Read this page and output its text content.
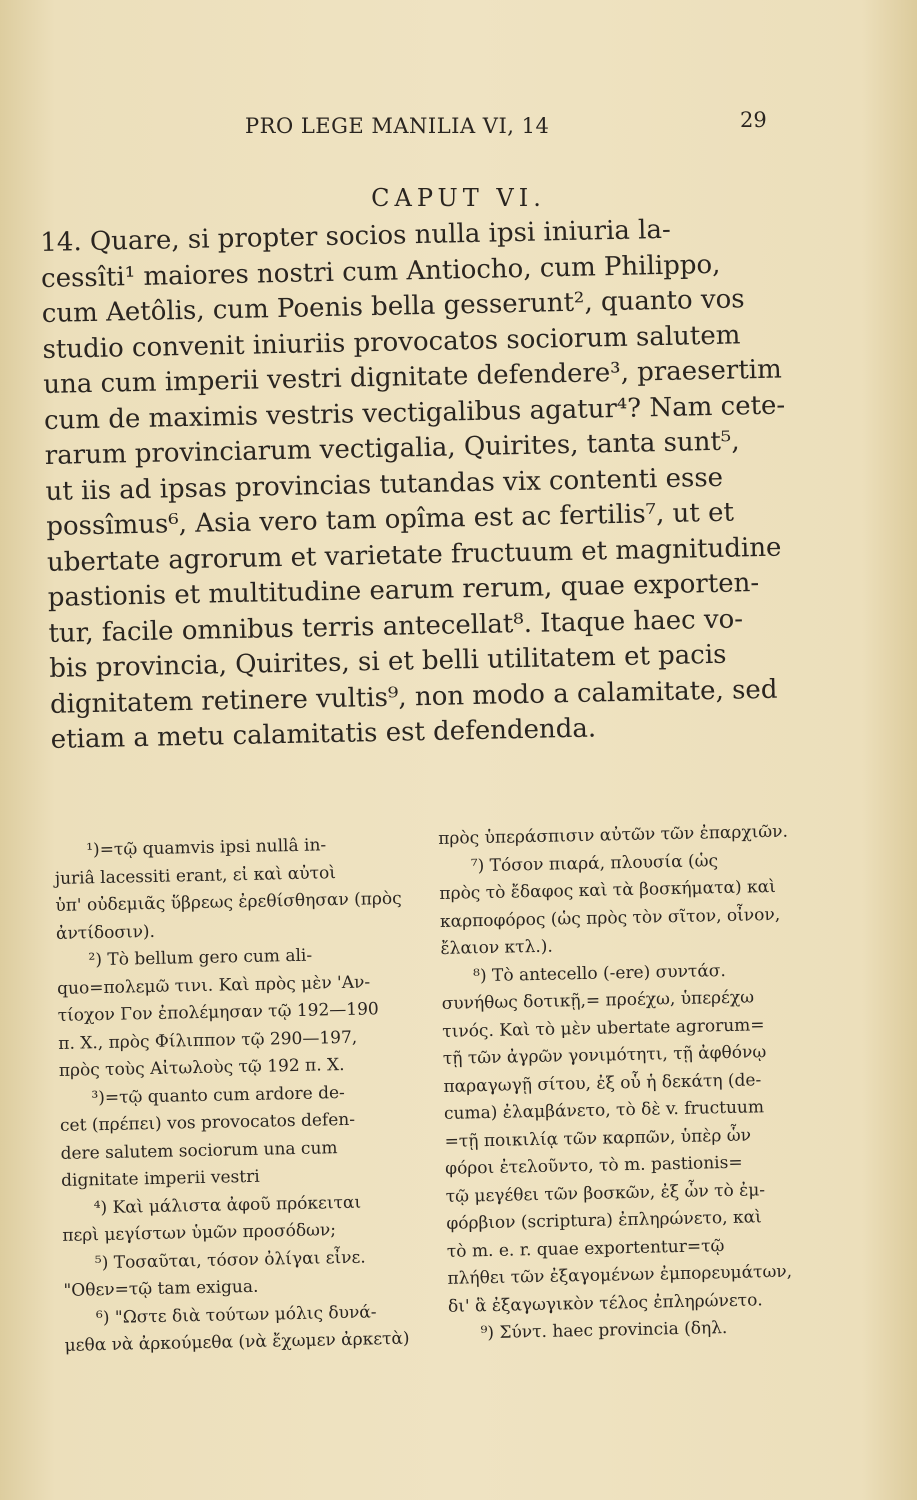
PRO LEGE MANILIA VI, 14	29
CAPUT VI.
14. Quare, si propter socios nulla ipsi iniuria la-
cessîti¹ maiores nostri cum Antiocho, cum Philippo,
cum Aetôlis, cum Poenis bella gesserunt², quanto vos
studio convenit iniuriis provocatos sociorum salutem
una cum imperii vestri dignitate defendere³, praesertim
cum de maximis vestris vectigalibus agatur⁴? Nam cete-
rarum provinciarum vectigalia, Quirites, tanta sunt⁵,
ut iis ad ipsas provincias tutandas vix contenti esse
possîmus⁶, Asia vero tam opîma est ac fertilis⁷, ut et
ubertate agrorum et varietate fructuum et magnitudine
pastionis et multitudine earum rerum, quae exporten-
tur, facile omnibus terris antecellat⁸. Itaque haec vo-
bis provincia, Quirites, si et belli utilitatem et pacis
dignitatem retinere vultis⁹, non modo a calamitate, sed
etiam a metu calamitatis est defendenda.
¹)=τῷ quamvis ipsi nullâ in-
juriâ lacessiti erant, εἰ καὶ αὐτοὶ
ὑπ' οὐδεμιᾶς ὕβρεως ἐρεθίσθησαν (πρὸς
ἀντίδοσιν).
²) Τὸ bellum gero cum ali-
quo=πολεμῶ τινι. Καὶ πρὸς μὲν 'Αν-
τίοχον Γον ἐπολέμησαν τῷ 192—190
π. Χ., πρὸς Φίλιππον τῷ 290—197,
πρὸς τοὺς Αἰτωλοὺς τῷ 192 π. Χ.
³)=τῷ quanto cum ardore de-
cet (πρέπει) vos provocatos defen-
dere salutem sociorum una cum
dignitate imperii vestri
⁴) Καὶ μάλιστα ἀφοῦ πρόκειται
περὶ μεγίστων ὑμῶν προσόδων;
⁵) Τοσαῦται, τόσον ὀλίγαι εἶνε.
"Οθεν=τῷ tam exigua.
⁶) "Ωστε διὰ τούτων μόλις δυνά-
μεθα νὰ ἀρκούμεθα (νὰ ἔχωμεν ἀρκετὰ)
πρὸς ὑπεράσπισιν αὐτῶν τῶν ἐπαρχιῶν.
⁷) Τόσον πιαρά, πλουσία (ὡς
πρὸς τὸ ἔδαφος καὶ τὰ βοσκήματα) καὶ
καρποφόρος (ὡς πρὸς τὸν σῖτον, οἶνον,
ἔλαιον κτλ.).
⁸) Τὸ antecello (-ere) συντάσ.
συνήθως δοτικῇ,= προέχω, ὑπερέχω
τινός. Καὶ τὸ μὲν ubertate agrorum=
τῇ τῶν ἀγρῶν γονιμότητι, τῇ ἀφθόνῳ
παραγωγῇ σίτου, ἐξ οὗ ἡ δεκάτη (de-
cuma) ἐλαμβάνετο, τὸ δὲ v. fructuum
=τῇ ποικιλίᾳ τῶν καρπῶν, ὑπὲρ ὧν
φόροι ἐτελοῦντο, τὸ m. pastionis=
τῷ μεγέθει τῶν βοσκῶν, ἐξ ὧν τὸ ἐμ-
φόρβιον (scriptura) ἐπληρώνετο, καὶ
τὸ m. e. r. quae exportentur=τῷ
πλήθει τῶν ἐξαγομένων ἐμπορευμάτων,
δι' ἃ ἐξαγωγικὸν τέλος ἐπληρώνετο.
⁹) Σύντ. haec provincia (δηλ.
